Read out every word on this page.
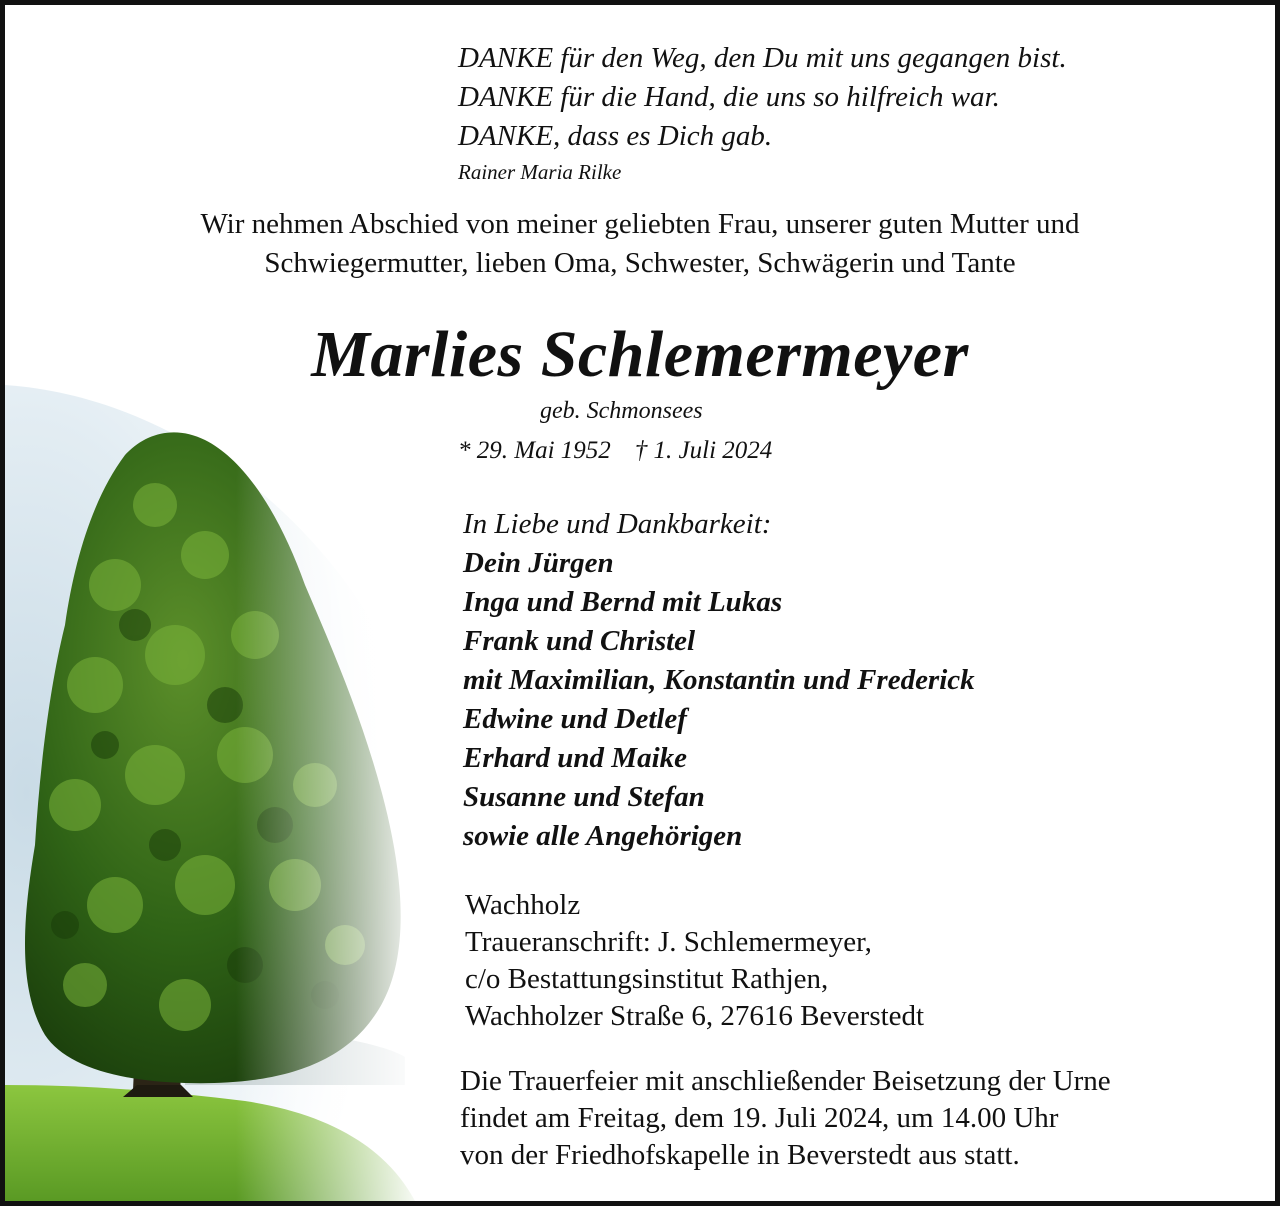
DANKE für den Weg, den Du mit uns gegangen bist.
DANKE für die Hand, die uns so hilfreich war.
DANKE, dass es Dich gab.
Rainer Maria Rilke
Wir nehmen Abschied von meiner geliebten Frau, unserer guten Mutter und
Schwiegermutter, lieben Oma, Schwester, Schwägerin und Tante
Marlies Schlemermeyer
geb. Schmonsees
* 29. Mai 1952 † 1. Juli 2024
In Liebe und Dankbarkeit:
Dein Jürgen
Inga und Bernd mit Lukas
Frank und Christel
mit Maximilian, Konstantin und Frederick
Edwine und Detlef
Erhard und Maike
Susanne und Stefan
sowie alle Angehörigen
Wachholz
Traueranschrift: J. Schlemermeyer,
c/o Bestattungsinstitut Rathjen,
Wachholzer Straße 6, 27616 Beverstedt
Die Trauerfeier mit anschließender Beisetzung der Urne
findet am Freitag, dem 19. Juli 2024, um 14.00 Uhr
von der Friedhofskapelle in Beverstedt aus statt.
